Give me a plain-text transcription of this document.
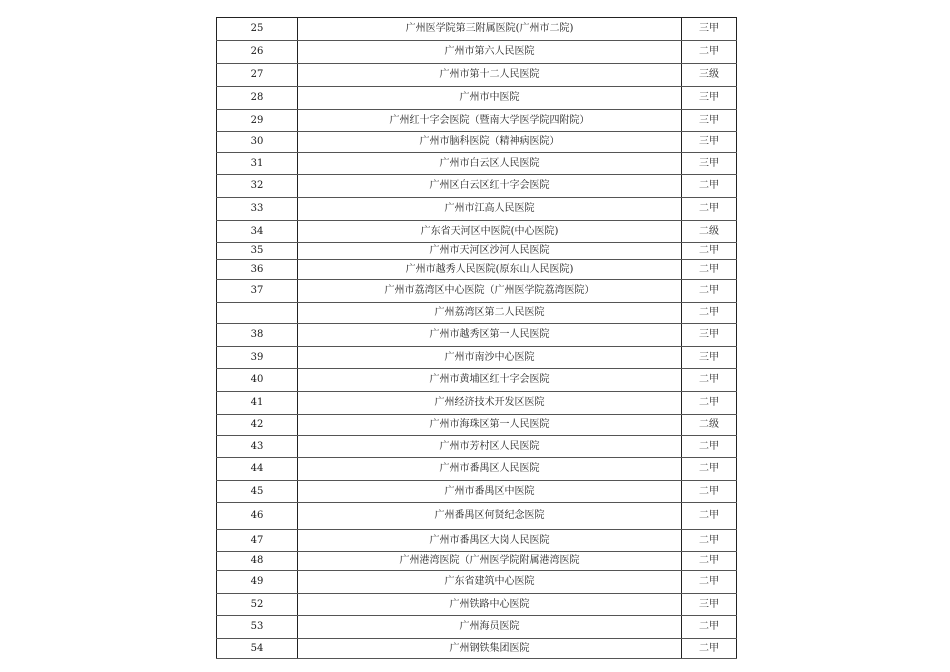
25	广州医学院第三附属医院(广州市二院)	三甲
26	广州市第六人民医院	二甲
27	广州市第十二人民医院	三级
28	广州市中医院	三甲
29	广州红十字会医院（暨南大学医学院四附院）	三甲
30	广州市脑科医院（精神病医院）	三甲
31	广州市白云区人民医院	三甲
32	广州区白云区红十字会医院	二甲
33	广州市江高人民医院	二甲
34	广东省天河区中医院(中心医院)	二级
35	广州市天河区沙河人民医院	二甲
36	广州市越秀人民医院(原东山人民医院)	二甲
37	广州市荔湾区中心医院（广州医学院荔湾医院）	二甲
	广州荔湾区第二人民医院	二甲
38	广州市越秀区第一人民医院	三甲
39	广州市南沙中心医院	三甲
40	广州市黄埔区红十字会医院	二甲
41	广州经济技术开发区医院	二甲
42	广州市海珠区第一人民医院	二级
43	广州市芳村区人民医院	二甲
44	广州市番禺区人民医院	二甲
45	广州市番禺区中医院	二甲
46	广州番禺区何贤纪念医院	二甲
47	广州市番禺区大岗人民医院	二甲
48	广州港湾医院（广州医学院附属港湾医院	二甲
49	广东省建筑中心医院	二甲
52	广州铁路中心医院	三甲
53	广州海员医院	二甲
54	广州钢铁集团医院	二甲
